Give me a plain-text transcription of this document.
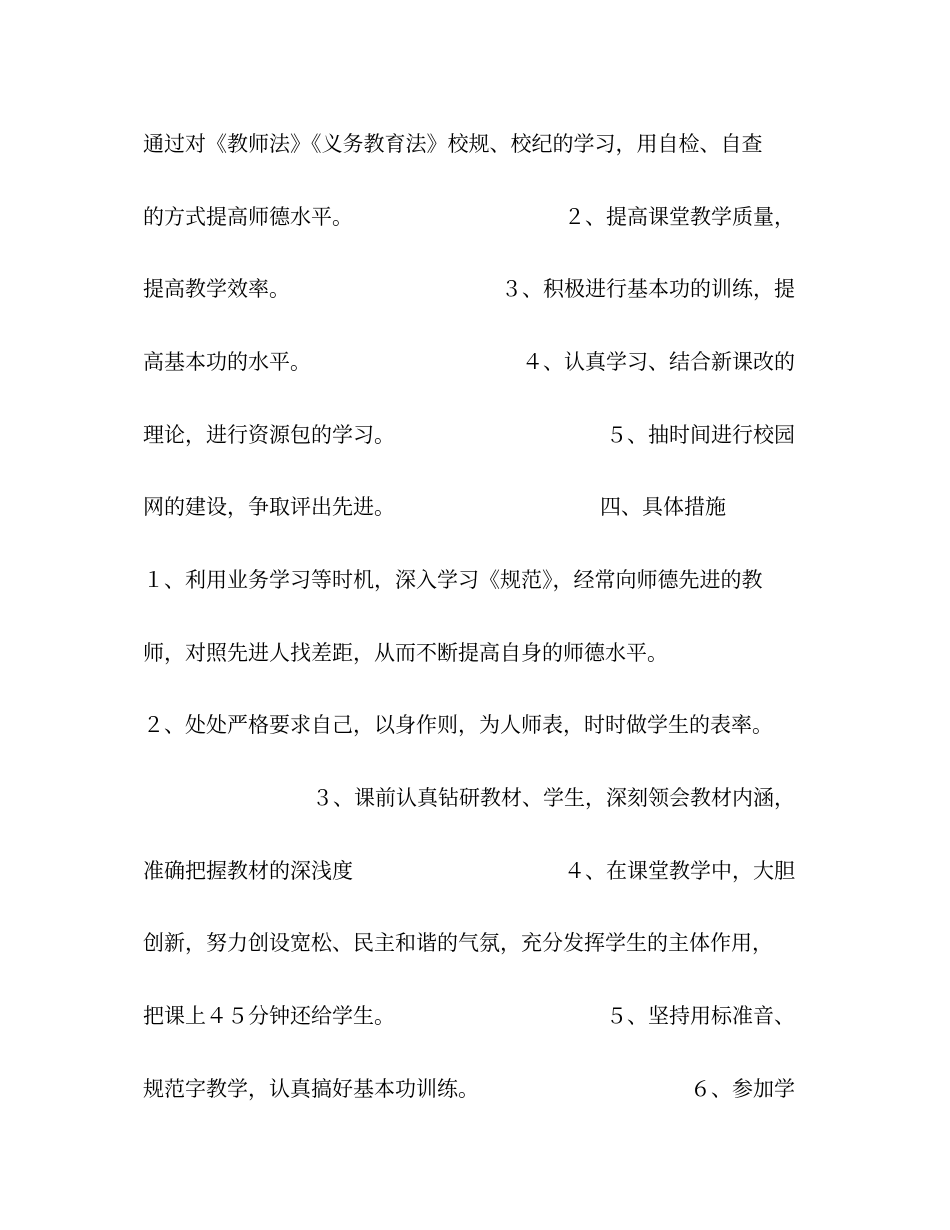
通过对《教师法》《义务教育法》校规、校纪的学习，用自检、自查
的方式提高师德水平。	２、提高课堂教学质量，
提高教学效率。	３、积极进行基本功的训练，提
高基本功的水平。	４、认真学习、结合新课改的
理论，进行资源包的学习。	５、抽时间进行校园
网的建设，争取评出先进。	四、具体措施
１、利用业务学习等时机，深入学习《规范》，经常向师德先进的教
师，对照先进人找差距，从而不断提高自身的师德水平。
２、处处严格要求自己，以身作则，为人师表，时时做学生的表率。
３、课前认真钻研教材、学生，深刻领会教材内涵，
准确把握教材的深浅度	４、在课堂教学中，大胆
创新，努力创设宽松、民主和谐的气氛，充分发挥学生的主体作用，
把课上４５分钟还给学生。	５、坚持用标准音、
规范字教学，认真搞好基本功训练。	６、参加学
